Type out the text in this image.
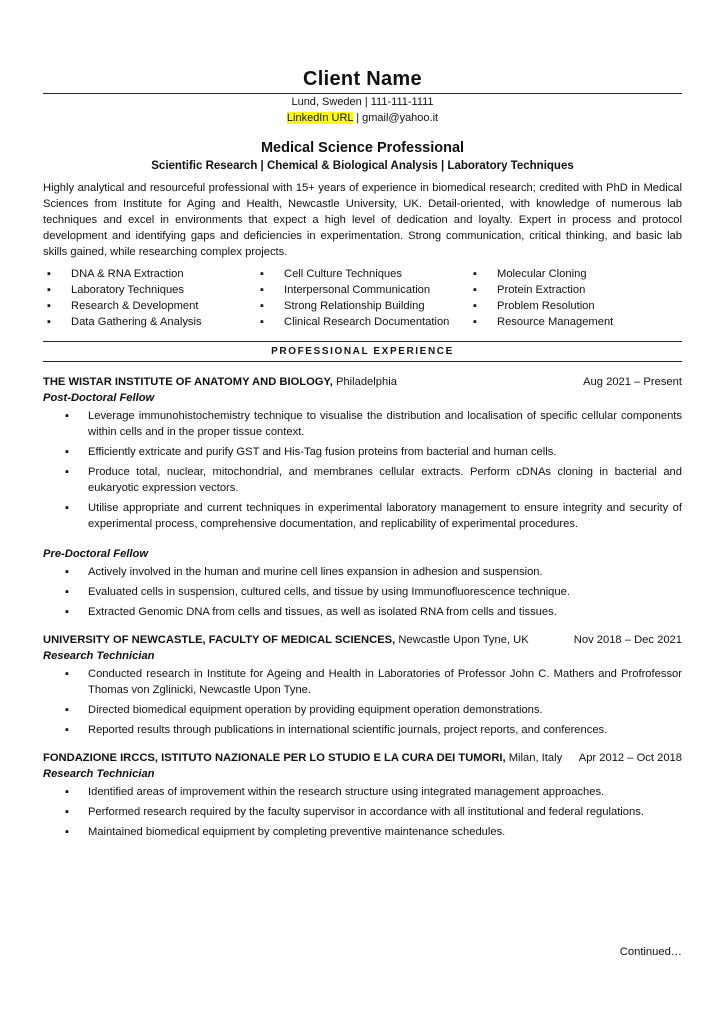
Client Name
Lund, Sweden | 111-111-1111
LinkedIn URL | gmail@yahoo.it
Medical Science Professional
Scientific Research | Chemical & Biological Analysis | Laboratory Techniques
Highly analytical and resourceful professional with 15+ years of experience in biomedical research; credited with PhD in Medical Sciences from Institute for Aging and Health, Newcastle University, UK. Detail-oriented, with knowledge of numerous lab techniques and excel in environments that expect a high level of dedication and loyalty. Expert in process and protocol development and identifying gaps and deficiencies in experimentation. Strong communication, critical thinking, and basic lab skills gained, while researching complex projects.
▪ DNA & RNA Extraction
▪ Laboratory Techniques
▪ Research & Development
▪ Data Gathering & Analysis
▪ Cell Culture Techniques
▪ Interpersonal Communication
▪ Strong Relationship Building
▪ Clinical Research Documentation
▪ Molecular Cloning
▪ Protein Extraction
▪ Problem Resolution
▪ Resource Management
PROFESSIONAL EXPERIENCE
THE WISTAR INSTITUTE OF ANATOMY AND BIOLOGY, Philadelphia	Aug 2021 – Present
Post-Doctoral Fellow
▪ Leverage immunohistochemistry technique to visualise the distribution and localisation of specific cellular components within cells and in the proper tissue context.
▪ Efficiently extricate and purify GST and His-Tag fusion proteins from bacterial and human cells.
▪ Produce total, nuclear, mitochondrial, and membranes cellular extracts. Perform cDNAs cloning in bacterial and eukaryotic expression vectors.
▪ Utilise appropriate and current techniques in experimental laboratory management to ensure integrity and security of experimental process, comprehensive documentation, and replicability of experimental procedures.
Pre-Doctoral Fellow
▪ Actively involved in the human and murine cell lines expansion in adhesion and suspension.
▪ Evaluated cells in suspension, cultured cells, and tissue by using Immunofluorescence technique.
▪ Extracted Genomic DNA from cells and tissues, as well as isolated RNA from cells and tissues.
UNIVERSITY OF NEWCASTLE, FACULTY OF MEDICAL SCIENCES, Newcastle Upon Tyne, UK	Nov 2018 – Dec 2021
Research Technician
▪ Conducted research in Institute for Ageing and Health in Laboratories of Professor John C. Mathers and Profrofessor Thomas von Zglinicki, Newcastle Upon Tyne.
▪ Directed biomedical equipment operation by providing equipment operation demonstrations.
▪ Reported results through publications in international scientific journals, project reports, and conferences.
FONDAZIONE IRCCS, ISTITUTO NAZIONALE PER LO STUDIO E LA CURA DEI TUMORI, Milan, Italy Apr 2012 – Oct 2018
Research Technician
▪ Identified areas of improvement within the research structure using integrated management approaches.
▪ Performed research required by the faculty supervisor in accordance with all institutional and federal regulations.
▪ Maintained biomedical equipment by completing preventive maintenance schedules.
Continued…
